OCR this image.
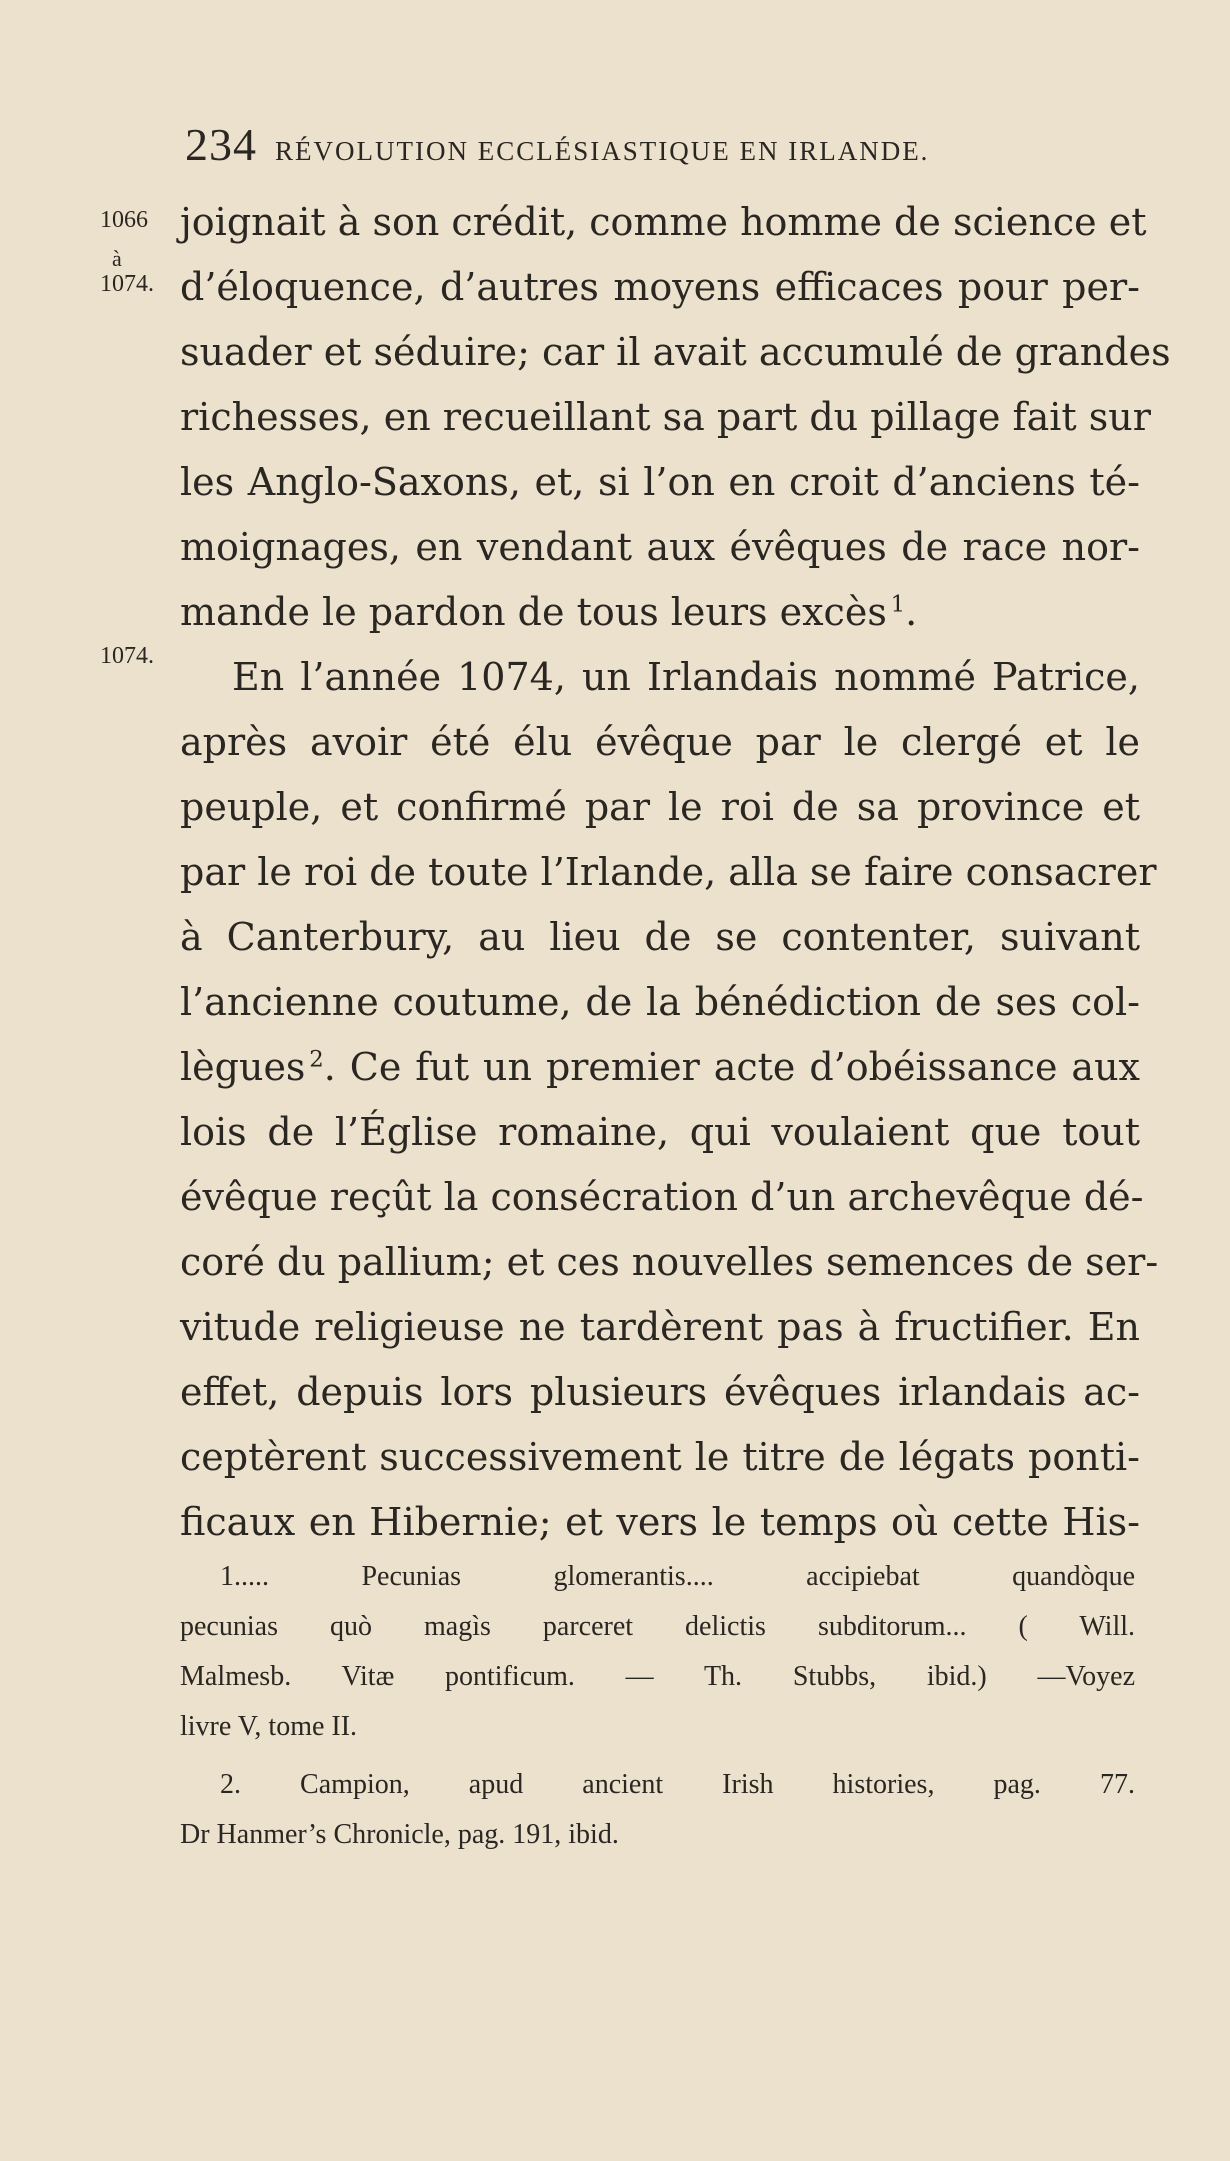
234 RÉVOLUTION ECCLÉSIASTIQUE EN IRLANDE.
1066
à
1074.
1074.
joignait à son crédit, comme homme de science et
d’éloquence, d’autres moyens efficaces pour per-
suader et séduire; car il avait accumulé de grandes
richesses, en recueillant sa part du pillage fait sur
les Anglo-Saxons, et, si l’on en croit d’anciens té-
moignages, en vendant aux évêques de race nor-
mande le pardon de tous leurs excès  $^1$.
En l’année 1074, un Irlandais nommé Patrice,
après avoir été élu évêque par le clergé et le
peuple, et confirmé par le roi de sa province et
par le roi de toute l’Irlande, alla se faire consacrer
à Canterbury, au lieu de se contenter, suivant
l’ancienne coutume, de la bénédiction de ses col-
lègues  $^2$. Ce fut un premier acte d’obéissance aux
lois de l’Église romaine, qui voulaient que tout
évêque reçût la consécration d’un archevêque dé-
coré du pallium; et ces nouvelles semences de ser-
vitude religieuse ne tardèrent pas à fructifier. En
effet, depuis lors plusieurs évêques irlandais ac-
ceptèrent successivement le titre de légats ponti-
ficaux en Hibernie; et vers le temps où cette His-
1..... Pecunias glomerantis.... accipiebat quandòque
pecunias quò magìs parceret delictis subditorum... ( Will.
Malmesb. Vitæ pontificum. — Th. Stubbs, ibid.) —Voyez
livre V, tome II.
2. Campion, apud ancient Irish histories, pag. 77.
Dr Hanmer’s Chronicle, pag. 191, ibid.
